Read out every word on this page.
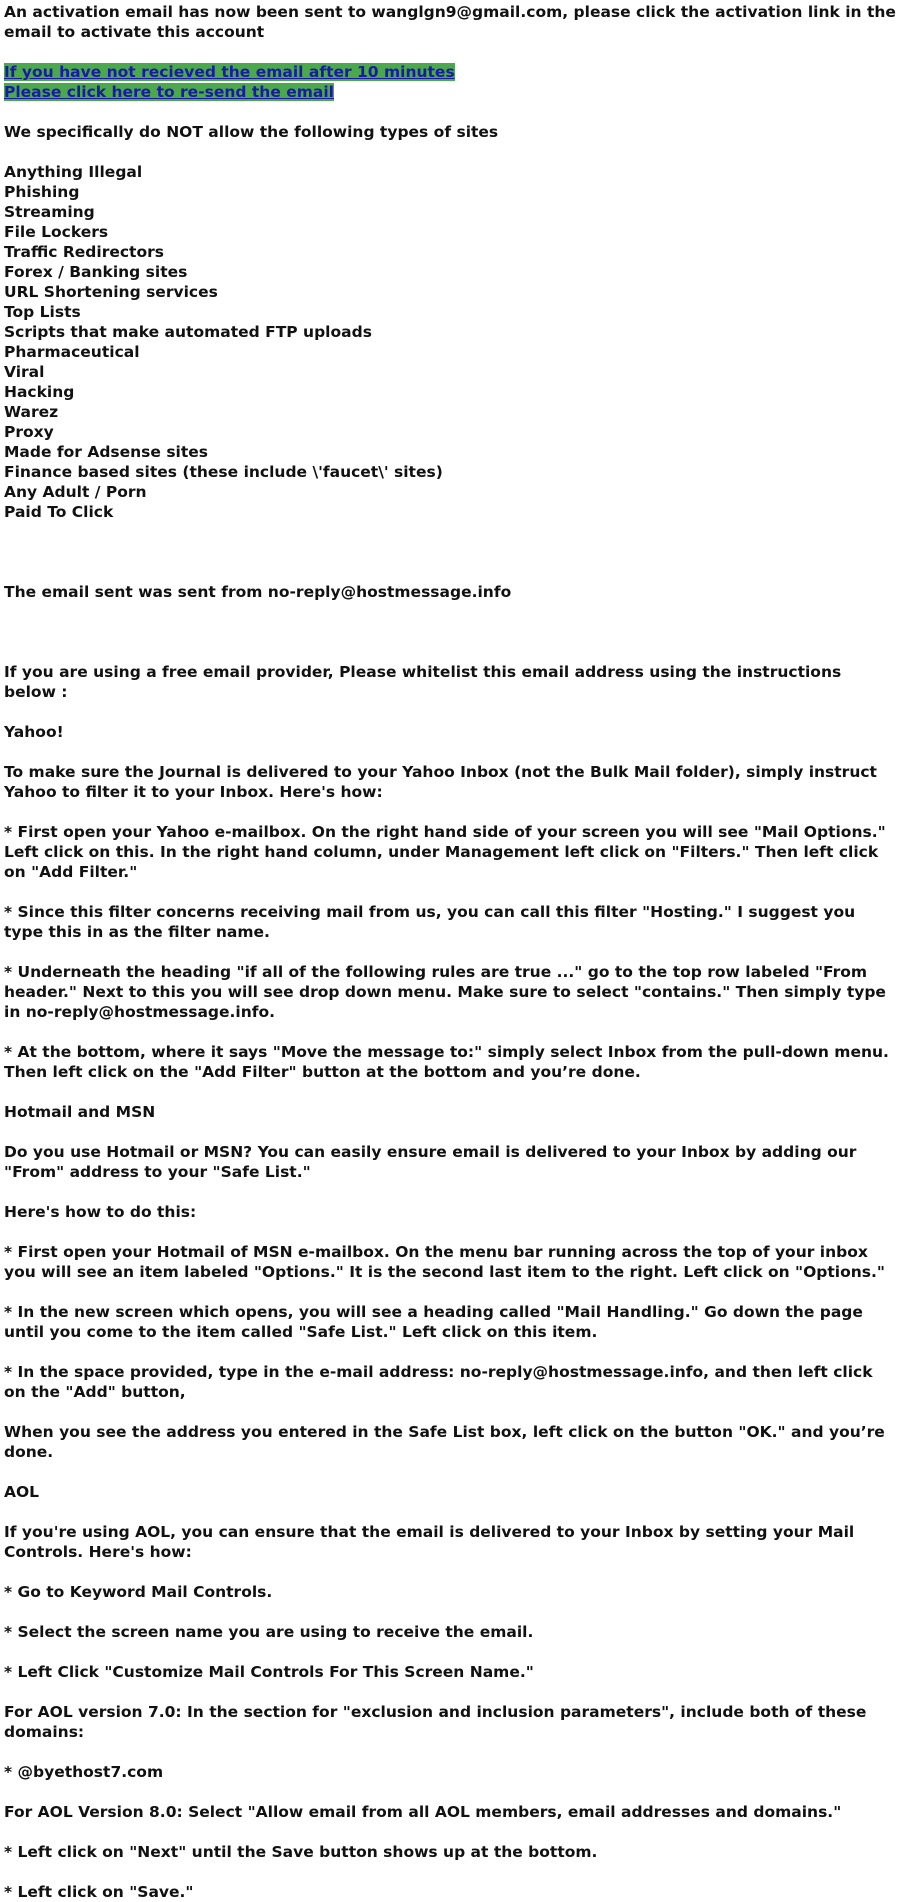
An activation email has now been sent to wanglgn9@gmail.com, please click the activation link in the email to activate this account

If you have not recieved the email after 10 minutes
Please click here to re-send the email

We specifically do NOT allow the following types of sites

Anything Illegal

Phishing

Streaming

File Lockers

Traffic Redirectors

Forex / Banking sites

URL Shortening services

Top Lists

Scripts that make automated FTP uploads

Pharmaceutical

Viral

Hacking

Warez

Proxy

Made for Adsense sites

Finance based sites (these include \'faucet\' sites)

Any Adult / Porn

Paid To Click

The email sent was sent from no-reply@hostmessage.info

If you are using a free email provider, Please whitelist this email address using the instructions below :

Yahoo!

To make sure the Journal is delivered to your Yahoo Inbox (not the Bulk Mail folder), simply instruct Yahoo to filter it to your Inbox. Here's how:

* First open your Yahoo e-mailbox. On the right hand side of your screen you will see "Mail Options." Left click on this. In the right hand column, under Management left click on "Filters." Then left click on "Add Filter."

* Since this filter concerns receiving mail from us, you can call this filter "Hosting." I suggest you type this in as the filter name.

* Underneath the heading "if all of the following rules are true ..." go to the top row labeled "From header." Next to this you will see drop down menu. Make sure to select "contains." Then simply type in no-reply@hostmessage.info.

* At the bottom, where it says "Move the message to:" simply select Inbox from the pull-down menu. Then left click on the "Add Filter" button at the bottom and you’re done.

Hotmail and MSN

Do you use Hotmail or MSN? You can easily ensure email is delivered to your Inbox by adding our "From" address to your "Safe List."

Here's how to do this:

* First open your Hotmail of MSN e-mailbox. On the menu bar running across the top of your inbox you will see an item labeled "Options." It is the second last item to the right. Left click on "Options."

* In the new screen which opens, you will see a heading called "Mail Handling." Go down the page until you come to the item called "Safe List." Left click on this item.

* In the space provided, type in the e-mail address: no-reply@hostmessage.info, and then left click on the "Add" button,

When you see the address you entered in the Safe List box, left click on the button "OK." and you’re done.

AOL

If you're using AOL, you can ensure that the email is delivered to your Inbox by setting your Mail Controls. Here's how:

* Go to Keyword Mail Controls.

* Select the screen name you are using to receive the email.

* Left Click "Customize Mail Controls For This Screen Name."

For AOL version 7.0: In the section for "exclusion and inclusion parameters", include both of these domains:

* @byethost7.com

For AOL Version 8.0: Select "Allow email from all AOL members, email addresses and domains."

* Left click on "Next" until the Save button shows up at the bottom.

* Left click on "Save."
